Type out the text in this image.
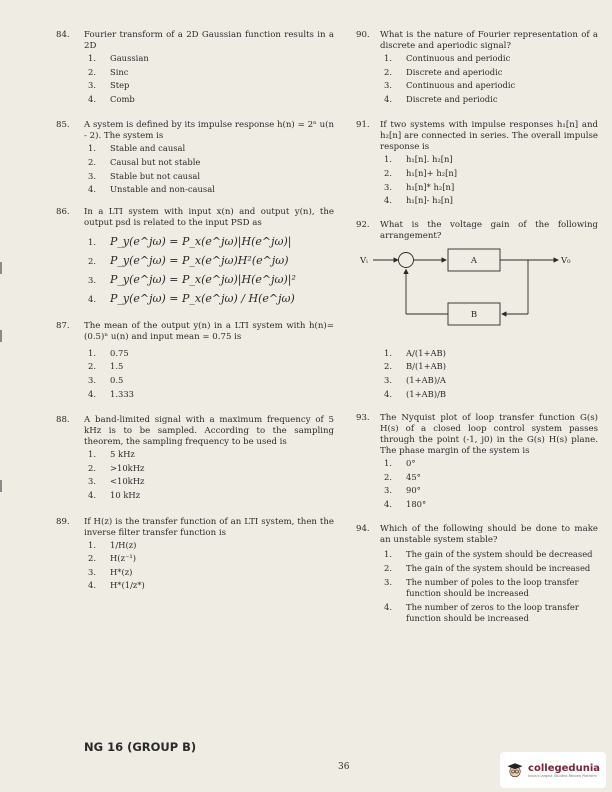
84. Fourier transform of a 2D Gaussian function results in a 2D
1. Gaussian
2. Sinc
3. Step
4. Comb
85. A system is defined by its impulse response h(n) = 2ⁿ u(n - 2). The system is
1. Stable and causal
2. Causal but not stable
3. Stable but not causal
4. Unstable and non-causal
86. In a LTI system with input x(n) and output y(n), the output psd is related to the input PSD as
1. P_y(e^jω) = P_x(e^jω)|H(e^jω)|
2. P_y(e^jω) = P_x(e^jω)H²(e^jω)
3. P_y(e^jω) = P_x(e^jω)|H(e^jω)|²
4. P_y(e^jω) = P_x(e^jω) / H(e^jω)
87. The mean of the output y(n) in a LTI system with h(n)=(0.5)ⁿ u(n) and input mean = 0.75 is
1. 0.75
2. 1.5
3. 0.5
4. 1.333
88. A band-limited signal with a maximum frequency of 5 kHz is to be sampled. According to the sampling theorem, the sampling frequency to be used is
1. 5 kHz
2. >10kHz
3. <10kHz
4. 10 kHz
89. If H(z) is the transfer function of an LTI system, then the inverse filter transfer function is
1. 1/H(z)
2. H(z⁻¹)
3. H*(z)
4. H*(1/z*)
90. What is the nature of Fourier representation of a discrete and aperiodic signal?
1. Continuous and periodic
2. Discrete and aperiodic
3. Continuous and aperiodic
4. Discrete and periodic
91. If two systems with impulse responses h₁[n] and h₂[n] are connected in series. The overall impulse response is
1. h₁[n]. h₂[n]
2. h₁[n]+ h₂[n]
3. h₁[n]* h₂[n]
4. h₁[n]- h₂[n]
92. What is the voltage gain of the following arrangement?
Vᵢ	A	V₀
B
1. A/(1+AB)
2. B/(1+AB)
3. (1+AB)/A
4. (1+AB)/B
93. The Nyquist plot of loop transfer function G(s) H(s) of a closed loop control system passes through the point (-1, j0) in the G(s) H(s) plane. The phase margin of the system is
1. 0°
2. 45°
3. 90°
4. 180°
94. Which of the following should be done to make an unstable system stable?
1. The gain of the system should be decreased
2. The gain of the system should be increased
3. The number of poles to the loop transfer function should be increased
4. The number of zeros to the loop transfer function should be increased
NG 16 (GROUP B)
36	collegedunia
India's largest Student Review Platform
